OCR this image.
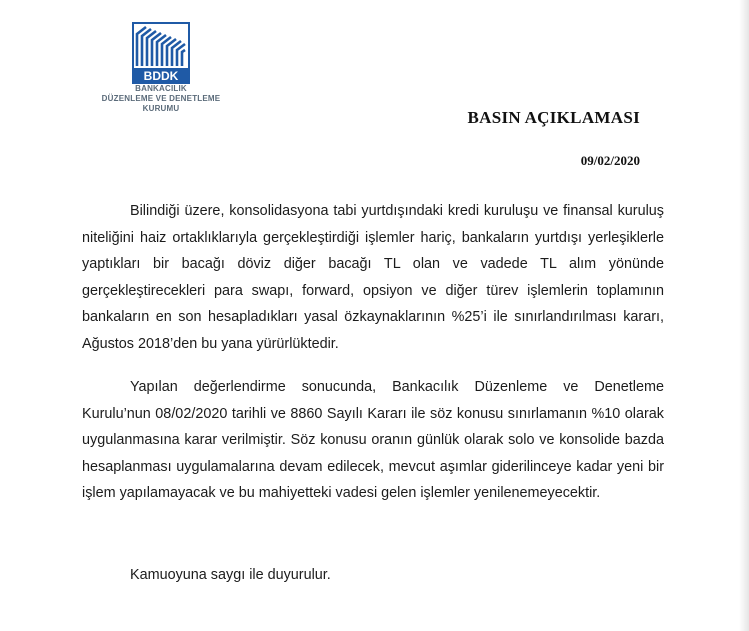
BDDK
BANKACILIK
DÜZENLEME VE DENETLEME
KURUMU	BASIN AÇIKLAMASI
09/02/2020
Bilindiği üzere, konsolidasyona tabi yurtdışındaki kredi kuruluşu ve finansal kuruluş niteliğini haiz ortaklıklarıyla gerçekleştirdiği işlemler hariç, bankaların yurtdışı yerleşiklerle yaptıkları bir bacağı döviz diğer bacağı TL olan ve vadede TL alım yönünde gerçekleştirecekleri para swapı, forward, opsiyon ve diğer türev işlemlerin toplamının bankaların en son hesapladıkları yasal özkaynaklarının %25’i ile sınırlandırılması kararı, Ağustos 2018’den bu yana yürürlüktedir.
Yapılan değerlendirme sonucunda, Bankacılık Düzenleme ve Denetleme Kurulu’nun 08/02/2020 tarihli ve 8860 Sayılı Kararı ile söz konusu sınırlamanın %10 olarak uygulanmasına karar verilmiştir. Söz konusu oranın günlük olarak solo ve konsolide bazda hesaplanması uygulamalarına devam edilecek, mevcut aşımlar giderilinceye kadar yeni bir işlem yapılamayacak ve bu mahiyetteki vadesi gelen işlemler yenilenemeyecektir.
Kamuoyuna saygı ile duyurulur.
